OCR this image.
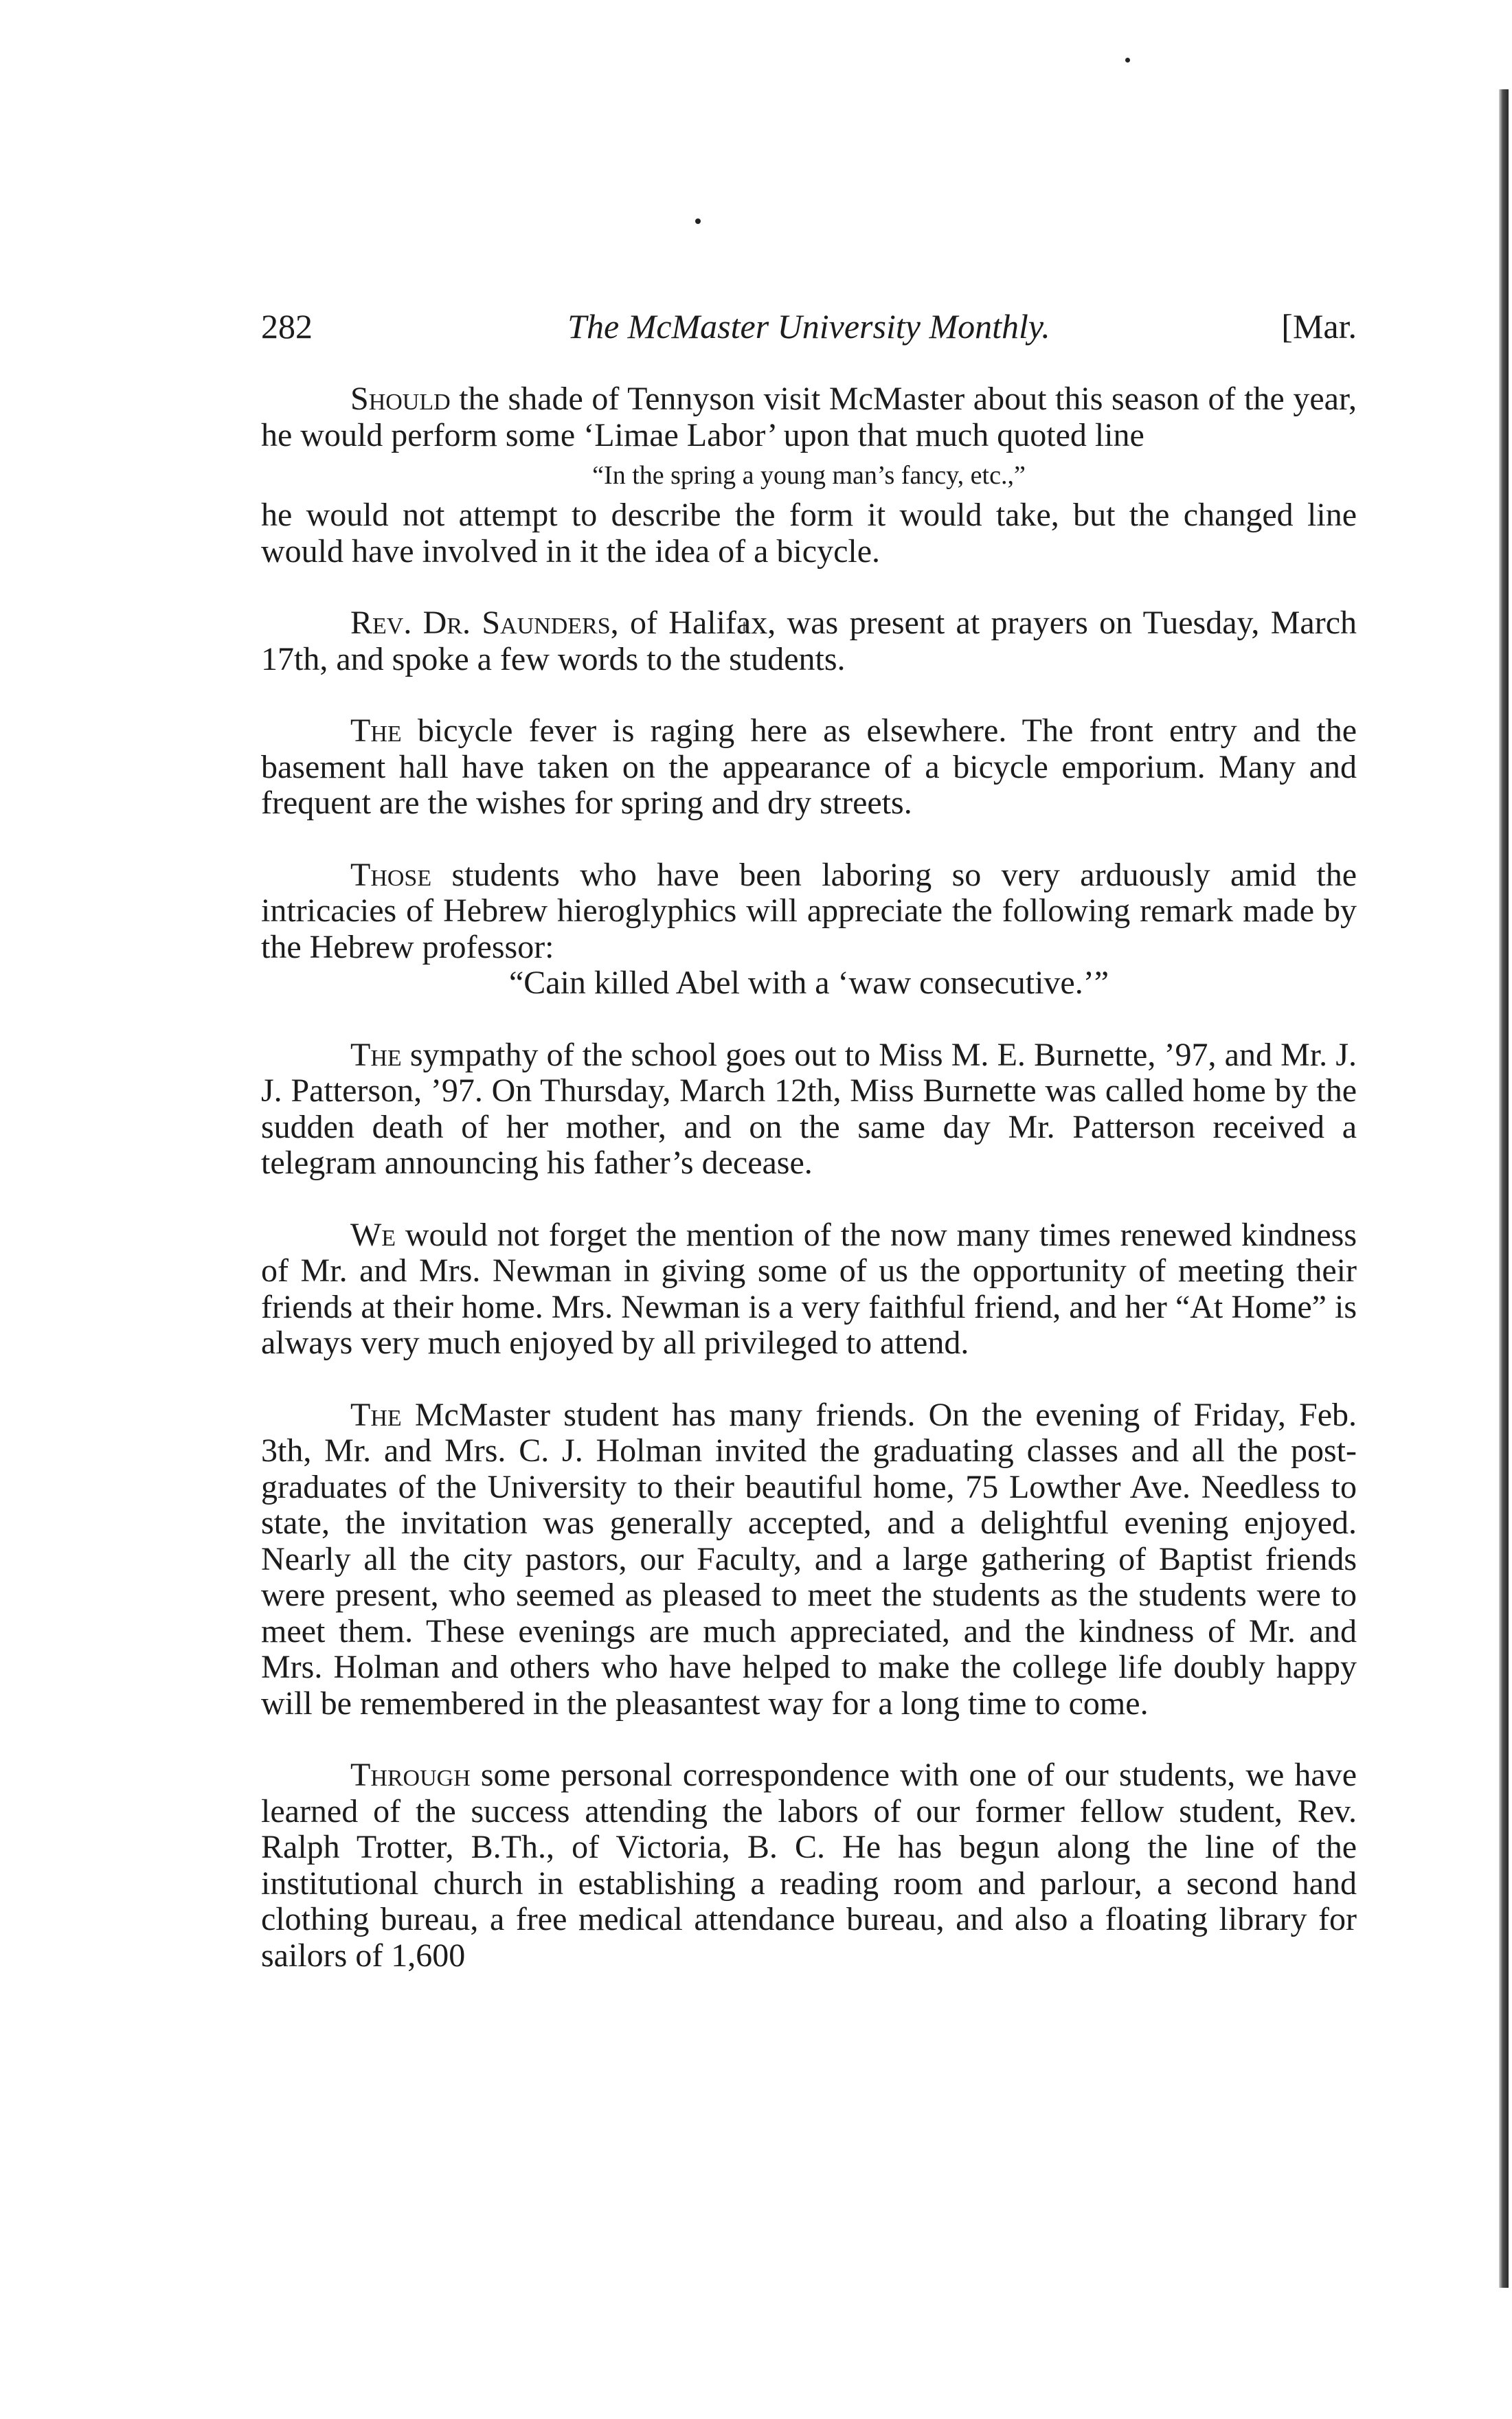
282	The McMaster University Monthly.	[Mar.

Should the shade of Tennyson visit McMaster about this season of the year, he would perform some ‘Limae Labor’ upon that much quoted line

“In the spring a young man’s fancy, etc.,”

he would not attempt to describe the form it would take, but the changed line would have involved in it the idea of a bicycle.

Rev. Dr. Saunders, of Halifax, was present at prayers on Tuesday, March 17th, and spoke a few words to the students.

The bicycle fever is raging here as elsewhere. The front entry and the basement hall have taken on the appearance of a bicycle emporium. Many and frequent are the wishes for spring and dry streets.

Those students who have been laboring so very arduously amid the intricacies of Hebrew hieroglyphics will appreciate the following remark made by the Hebrew professor:

“Cain killed Abel with a ‘waw consecutive.’”

The sympathy of the school goes out to Miss M. E. Burnette, ’97, and Mr. J. J. Patterson, ’97. On Thursday, March 12th, Miss Burnette was called home by the sudden death of her mother, and on the same day Mr. Patterson received a telegram announcing his father’s decease.

We would not forget the mention of the now many times renewed kindness of Mr. and Mrs. Newman in giving some of us the opportunity of meeting their friends at their home. Mrs. Newman is a very faithful friend, and her “At Home” is always very much enjoyed by all privileged to attend.

The McMaster student has many friends. On the evening of Friday, Feb. 3th, Mr. and Mrs. C. J. Holman invited the graduating classes and all the post-graduates of the University to their beautiful home, 75 Lowther Ave. Needless to state, the invitation was generally accepted, and a delightful evening enjoyed. Nearly all the city pastors, our Faculty, and a large gathering of Baptist friends were present, who seemed as pleased to meet the students as the students were to meet them. These evenings are much appreciated, and the kindness of Mr. and Mrs. Holman and others who have helped to make the college life doubly happy will be remembered in the pleasantest way for a long time to come.

Through some personal correspondence with one of our students, we have learned of the success attending the labors of our former fellow student, Rev. Ralph Trotter, B.Th., of Victoria, B. C. He has begun along the line of the institutional church in establishing a reading room and parlour, a second hand clothing bureau, a free medical attendance bureau, and also a floating library for sailors of 1,600
